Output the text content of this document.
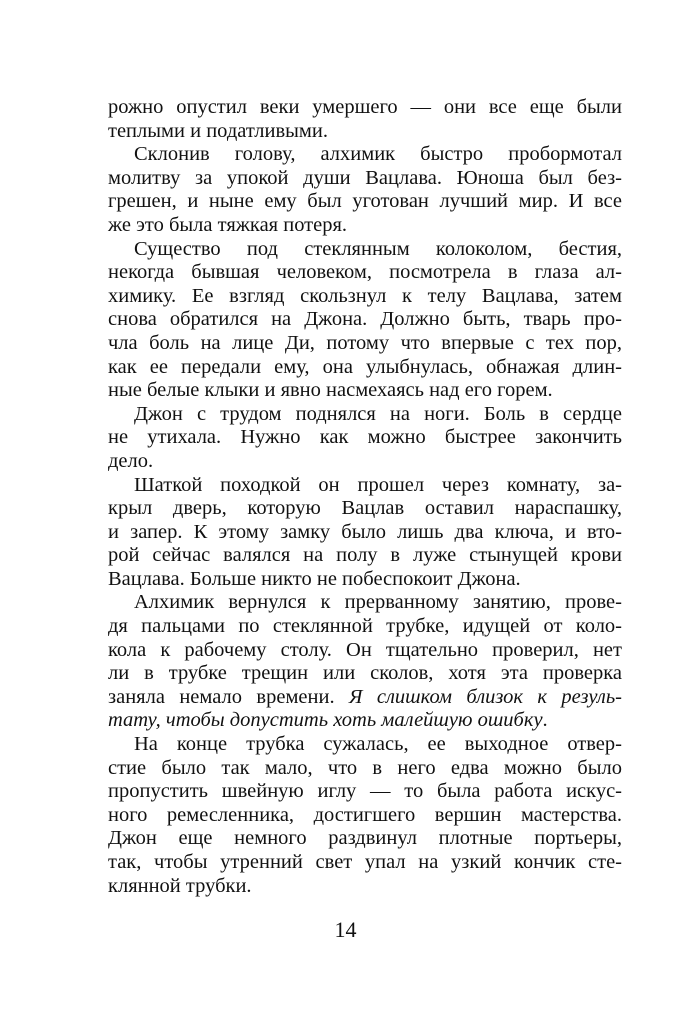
рожно опустил веки умершего — они все еще были
теплыми и податливыми.
Склонив голову, алхимик быстро пробормотал
молитву за упокой души Вацлава. Юноша был без-
грешен, и ныне ему был уготован лучший мир. И все
же это была тяжкая потеря.
Существо под стеклянным колоколом, бестия,
некогда бывшая человеком, посмотрела в глаза ал-
химику. Ее взгляд скользнул к телу Вацлава, затем
снова обратился на Джона. Должно быть, тварь про-
чла боль на лице Ди, потому что впервые с тех пор,
как ее передали ему, она улыбнулась, обнажая длин-
ные белые клыки и явно насмехаясь над его горем.
Джон с трудом поднялся на ноги. Боль в сердце
не утихала. Нужно как можно быстрее закончить
дело.
Шаткой походкой он прошел через комнату, за-
крыл дверь, которую Вацлав оставил нараспашку,
и запер. К этому замку было лишь два ключа, и вто-
рой сейчас валялся на полу в луже стынущей крови
Вацлава. Больше никто не побеспокоит Джона.
Алхимик вернулся к прерванному занятию, прове-
дя пальцами по стеклянной трубке, идущей от коло-
кола к рабочему столу. Он тщательно проверил, нет
ли в трубке трещин или сколов, хотя эта проверка
заняла немало времени. Я слишком близок к резуль-
тату, чтобы допустить хоть малейшую ошибку.
На конце трубка сужалась, ее выходное отвер-
стие было так мало, что в него едва можно было
пропустить швейную иглу — то была работа искус-
ного ремесленника, достигшего вершин мастерства.
Джон еще немного раздвинул плотные портьеры,
так, чтобы утренний свет упал на узкий кончик сте-
клянной трубки.
14
